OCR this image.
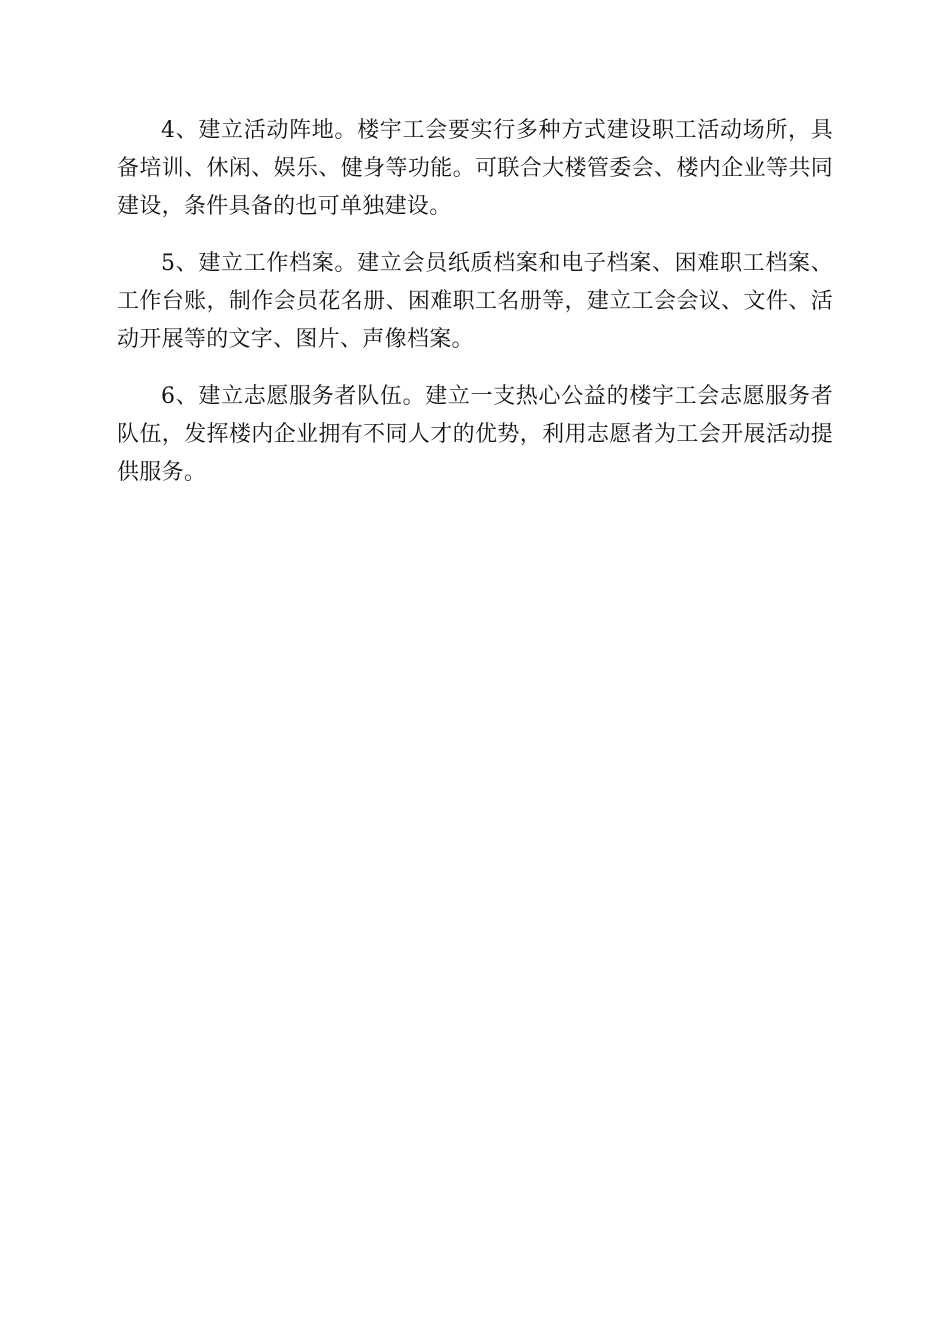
4、建立活动阵地。楼宇工会要实行多种方式建设职工活动场所，具备培训、休闲、娱乐、健身等功能。可联合大楼管委会、楼内企业等共同建设，条件具备的也可单独建设。

5、建立工作档案。建立会员纸质档案和电子档案、困难职工档案、工作台账，制作会员花名册、困难职工名册等，建立工会会议、文件、活动开展等的文字、图片、声像档案。

6、建立志愿服务者队伍。建立一支热心公益的楼宇工会志愿服务者队伍，发挥楼内企业拥有不同人才的优势，利用志愿者为工会开展活动提供服务。
